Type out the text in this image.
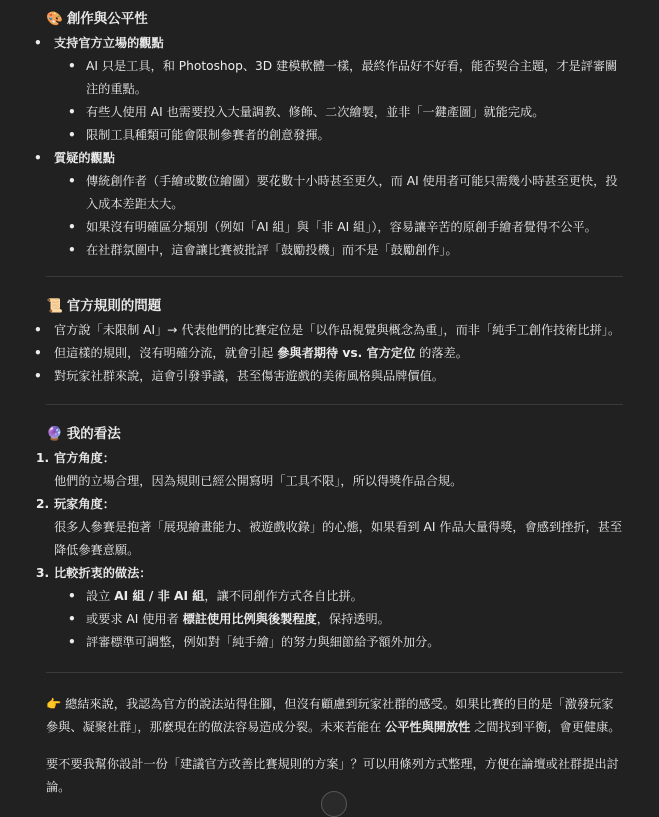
🎨 創作與公平性
• 支持官方立場的觀點
• AI 只是工具，和 Photoshop、3D 建模軟體一樣，最終作品好不好看，能否契合主題，才是評審關注的重點。
• 有些人使用 AI 也需要投入大量調教、修飾、二次繪製，並非「一鍵產圖」就能完成。
• 限制工具種類可能會限制參賽者的創意發揮。
• 質疑的觀點
• 傳統創作者（手繪或數位繪圖）要花數十小時甚至更久，而 AI 使用者可能只需幾小時甚至更快，投入成本差距太大。
• 如果沒有明確區分類別（例如「AI 組」與「非 AI 組」），容易讓辛苦的原創手繪者覺得不公平。
• 在社群氛圍中，這會讓比賽被批評「鼓勵投機」而不是「鼓勵創作」。
📜 官方規則的問題
• 官方說「未限制 AI」→ 代表他們的比賽定位是「以作品視覺與概念為重」，而非「純手工創作技術比拼」。
• 但這樣的規則，沒有明確分流，就會引起 參與者期待 vs. 官方定位 的落差。
• 對玩家社群來說，這會引發爭議，甚至傷害遊戲的美術風格與品牌價值。
🔮 我的看法
1. 官方角度：
他們的立場合理，因為規則已經公開寫明「工具不限」，所以得獎作品合規。
2. 玩家角度：
很多人參賽是抱著「展現繪畫能力、被遊戲收錄」的心態，如果看到 AI 作品大量得獎，會感到挫折，甚至降低參賽意願。
3. 比較折衷的做法：
• 設立 AI 組 / 非 AI 組，讓不同創作方式各自比拼。
• 或要求 AI 使用者 標註使用比例與後製程度，保持透明。
• 評審標準可調整，例如對「純手繪」的努力與細節給予額外加分。

👉 總結來說，我認為官方的說法站得住腳，但沒有顧慮到玩家社群的感受。如果比賽的目的是「激發玩家參與、凝聚社群」，那麼現在的做法容易造成分裂。未來若能在 公平性與開放性 之間找到平衡，會更健康。

要不要我幫你設計一份「建議官方改善比賽規則的方案」？可以用條列方式整理，方便在論壇或社群提出討論。
